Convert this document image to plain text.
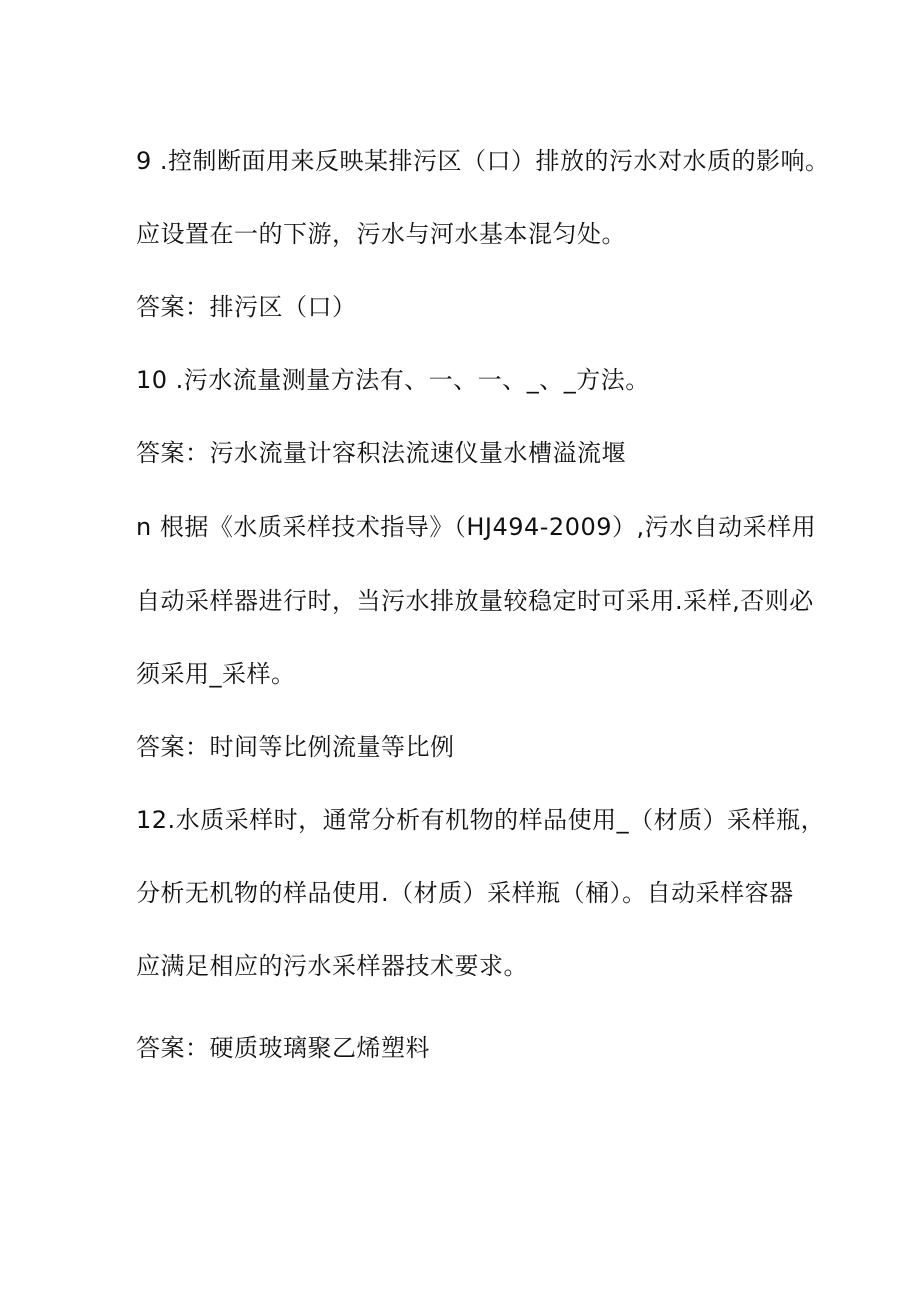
9 .控制断面用来反映某排污区（口）排放的污水对水质的影响。
应设置在一的下游，污水与河水基本混匀处。
答案：排污区（口）
10 .污水流量测量方法有、一、一、_、_方法。
答案：污水流量计容积法流速仪量水槽溢流堰
n 根据《水质采样技术指导》（HJ494-2009）,污水自动采样用
自动采样器进行时，当污水排放量较稳定时可采用.采样,否则必
须采用_采样。
答案：时间等比例流量等比例
12.水质采样时，通常分析有机物的样品使用_（材质）采样瓶，
分析无机物的样品使用.（材质）采样瓶（桶）。自动采样容器
应满足相应的污水采样器技术要求。
答案：硬质玻璃聚乙烯塑料
